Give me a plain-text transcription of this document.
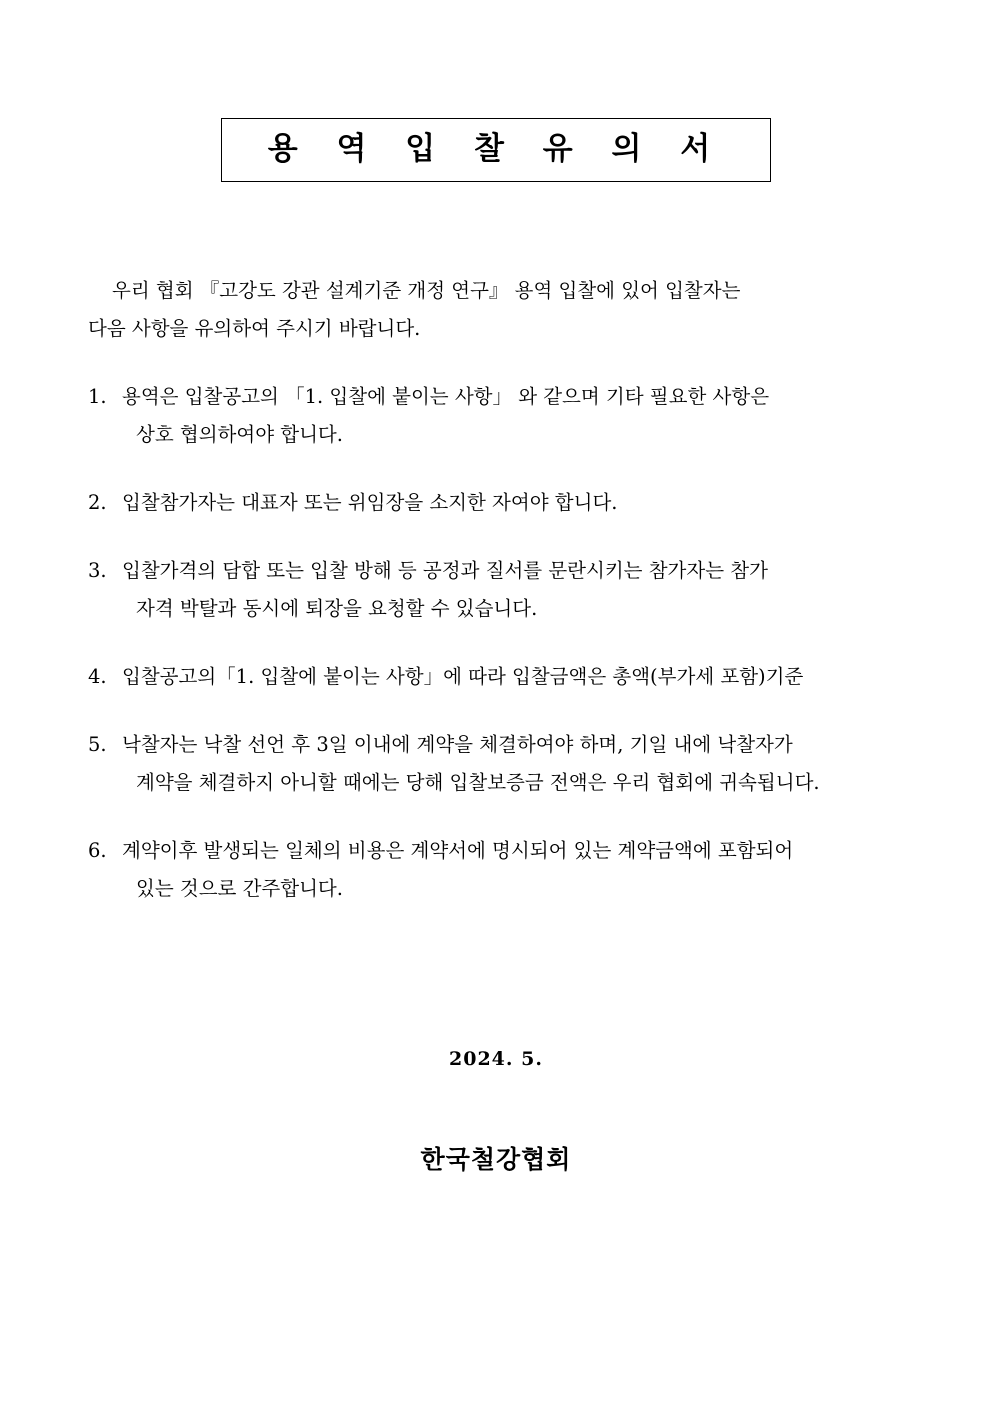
용 역 입 찰 유 의 서

우리 협회 『고강도 강관 설계기준 개정 연구』 용역 입찰에 있어 입찰자는
다음 사항을 유의하여 주시기 바랍니다.

1. 용역은 입찰공고의 「1. 입찰에 붙이는 사항」 와 같으며 기타 필요한 사항은
상호 협의하여야 합니다.
2. 입찰참가자는 대표자 또는 위임장을 소지한 자여야 합니다.
3. 입찰가격의 담합 또는 입찰 방해 등 공정과 질서를 문란시키는 참가자는 참가
자격 박탈과 동시에 퇴장을 요청할 수 있습니다.
4. 입찰공고의「1. 입찰에 붙이는 사항」에 따라 입찰금액은 총액(부가세 포함)기준
5. 낙찰자는 낙찰 선언 후 3일 이내에 계약을 체결하여야 하며, 기일 내에 낙찰자가
계약을 체결하지 아니할 때에는 당해 입찰보증금 전액은 우리 협회에 귀속됩니다.
6. 계약이후 발생되는 일체의 비용은 계약서에 명시되어 있는 계약금액에 포함되어
있는 것으로 간주합니다.
2024. 5.
한국철강협회
